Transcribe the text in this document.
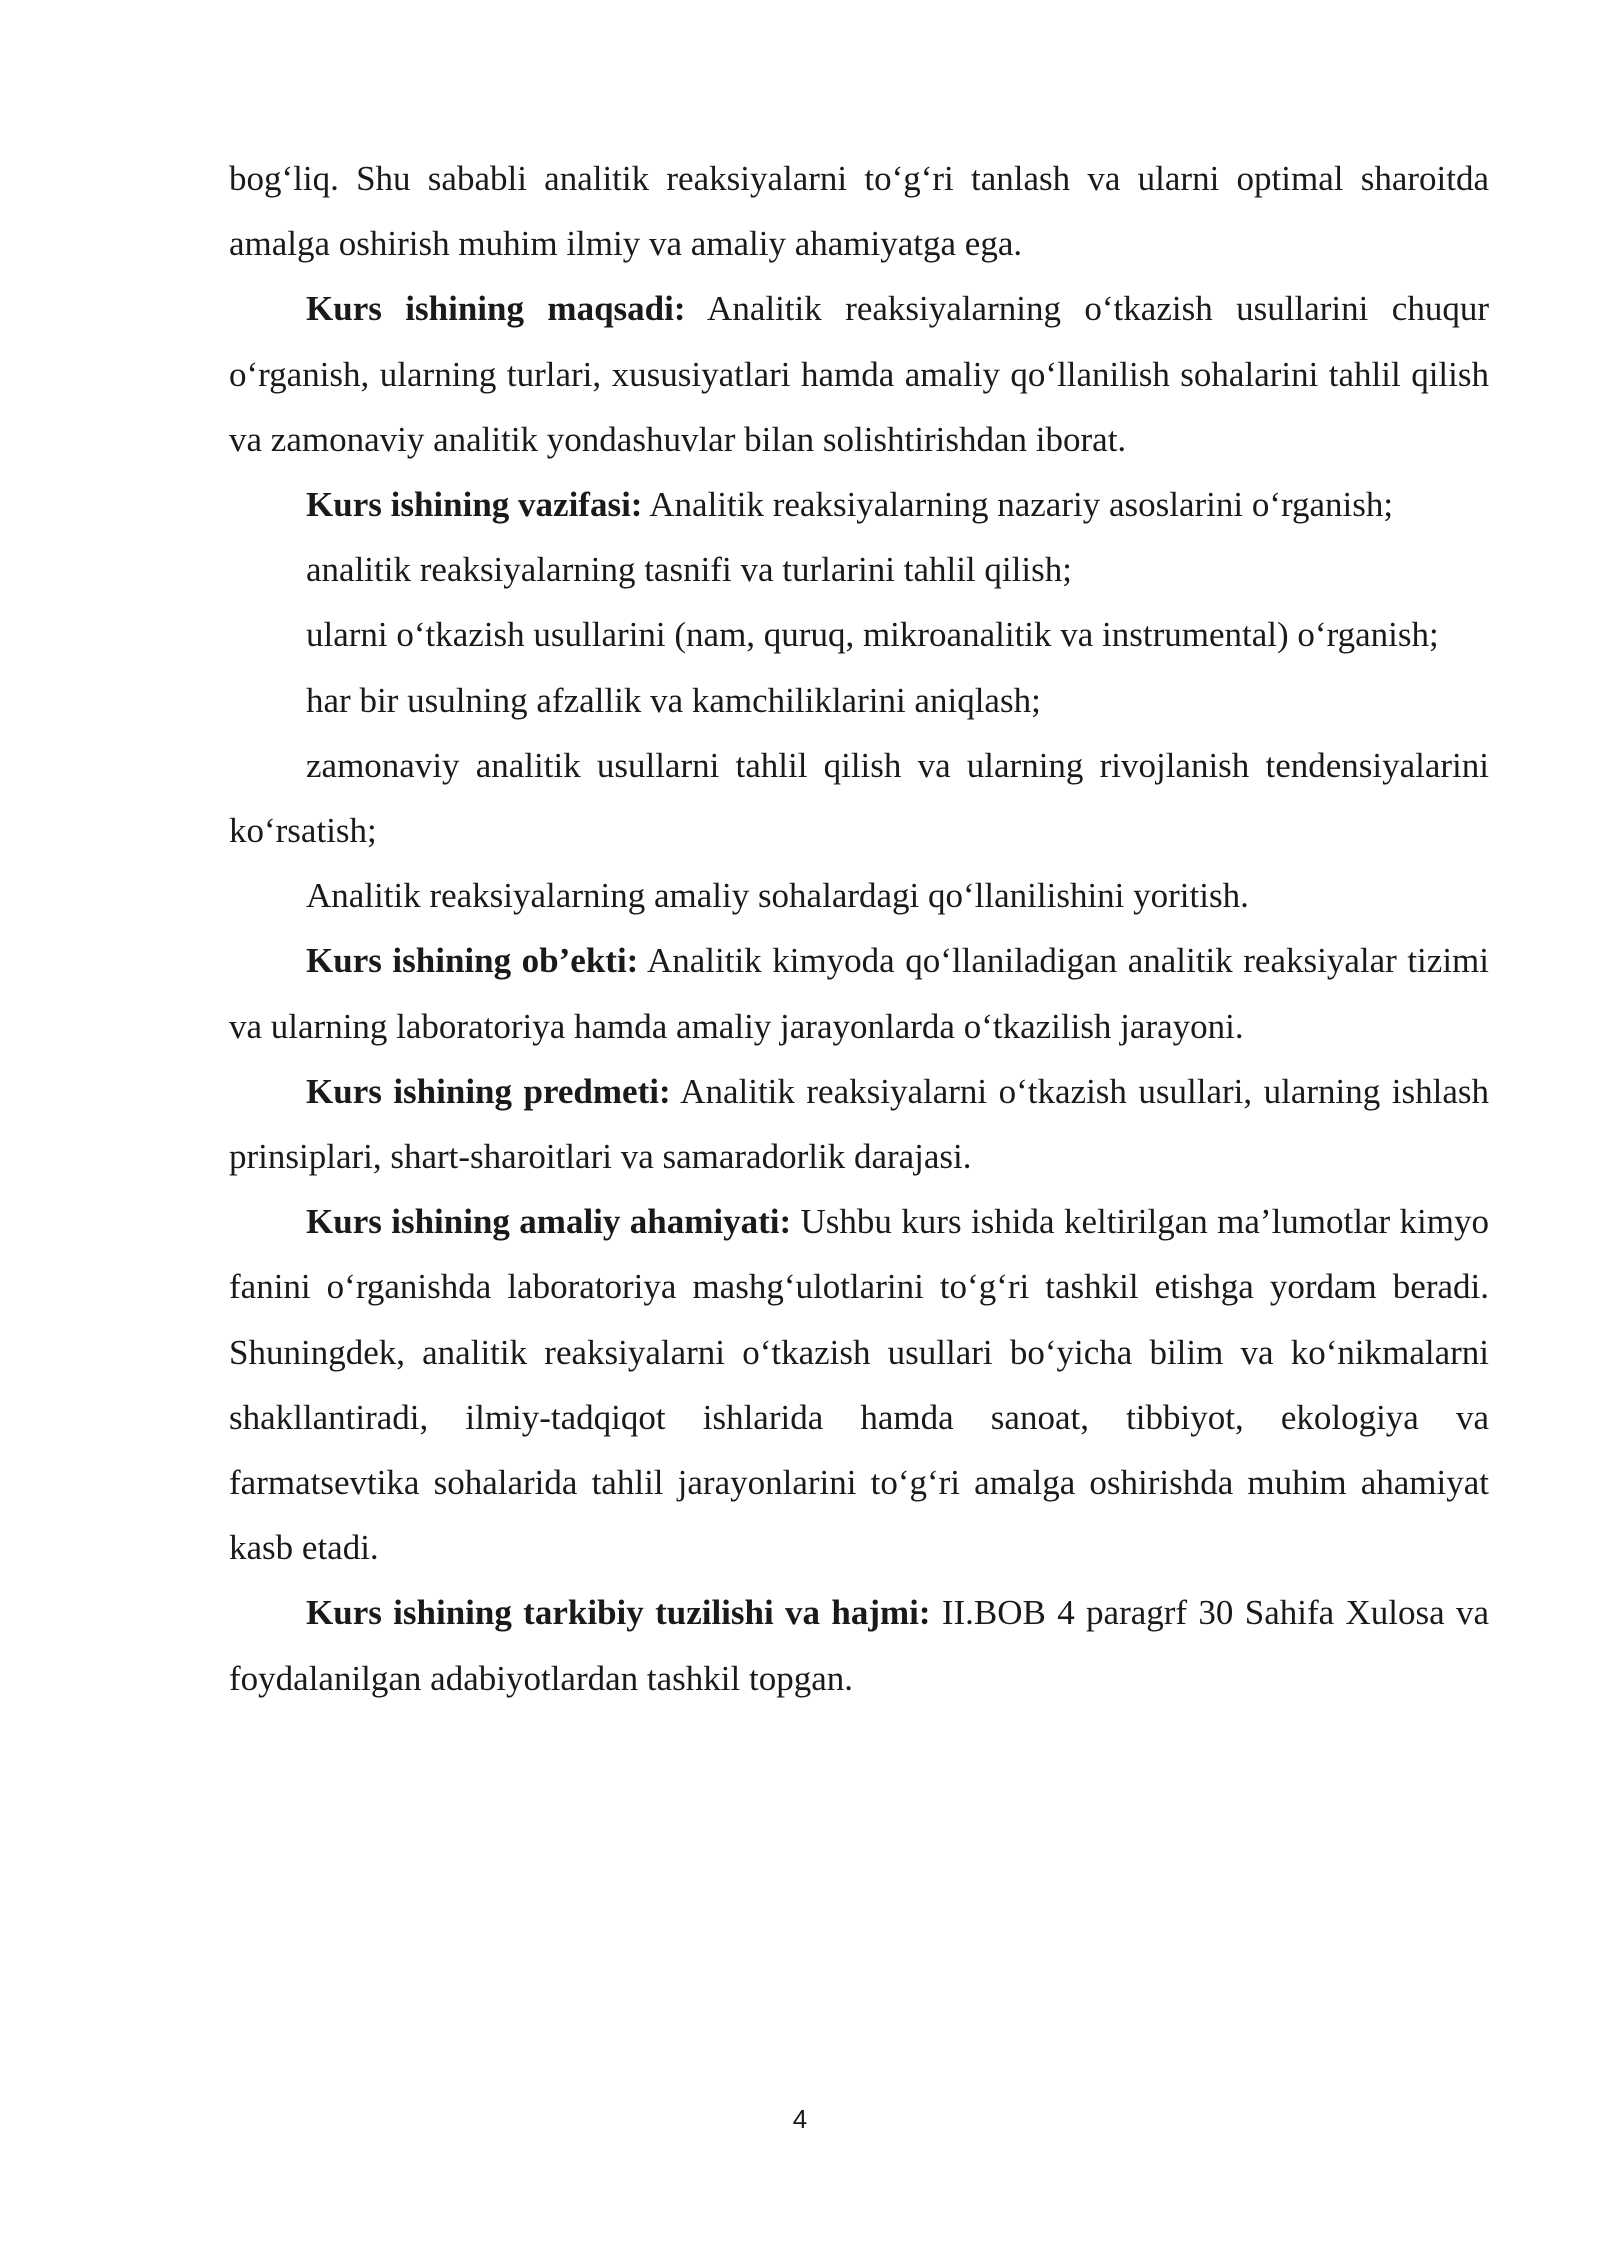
bog‘liq. Shu sababli analitik reaksiyalarni to‘g‘ri tanlash va ularni optimal sharoitda amalga oshirish muhim ilmiy va amaliy ahamiyatga ega.

Kurs ishining maqsadi: Analitik reaksiyalarning o‘tkazish usullarini chuqur o‘rganish, ularning turlari, xususiyatlari hamda amaliy qo‘llanilish sohalarini tahlil qilish va zamonaviy analitik yondashuvlar bilan solishtirishdan iborat.

Kurs ishining vazifasi: Analitik reaksiyalarning nazariy asoslarini o‘rganish;

analitik reaksiyalarning tasnifi va turlarini tahlil qilish;

ularni o‘tkazish usullarini (nam, quruq, mikroanalitik va instrumental) o‘rganish;

har bir usulning afzallik va kamchiliklarini aniqlash;

zamonaviy analitik usullarni tahlil qilish va ularning rivojlanish tendensiyalarini ko‘rsatish;

Analitik reaksiyalarning amaliy sohalardagi qo‘llanilishini yoritish.

Kurs ishining ob’ekti: Analitik kimyoda qo‘llaniladigan analitik reaksiyalar tizimi va ularning laboratoriya hamda amaliy jarayonlarda o‘tkazilish jarayoni.

Kurs ishining predmeti: Analitik reaksiyalarni o‘tkazish usullari, ularning ishlash prinsiplari, shart-sharoitlari va samaradorlik darajasi.

Kurs ishining amaliy ahamiyati: Ushbu kurs ishida keltirilgan ma’lumotlar kimyo fanini o‘rganishda laboratoriya mashg‘ulotlarini to‘g‘ri tashkil etishga yordam beradi. Shuningdek, analitik reaksiyalarni o‘tkazish usullari bo‘yicha bilim va ko‘nikmalarni shakllantiradi, ilmiy-tadqiqot ishlarida hamda sanoat, tibbiyot, ekologiya va farmatsevtika sohalarida tahlil jarayonlarini to‘g‘ri amalga oshirishda muhim ahamiyat kasb etadi.

Kurs ishining tarkibiy tuzilishi va hajmi: II.BOB 4 paragrf 30 Sahifa Xulosa va foydalanilgan adabiyotlardan tashkil topgan.

4
